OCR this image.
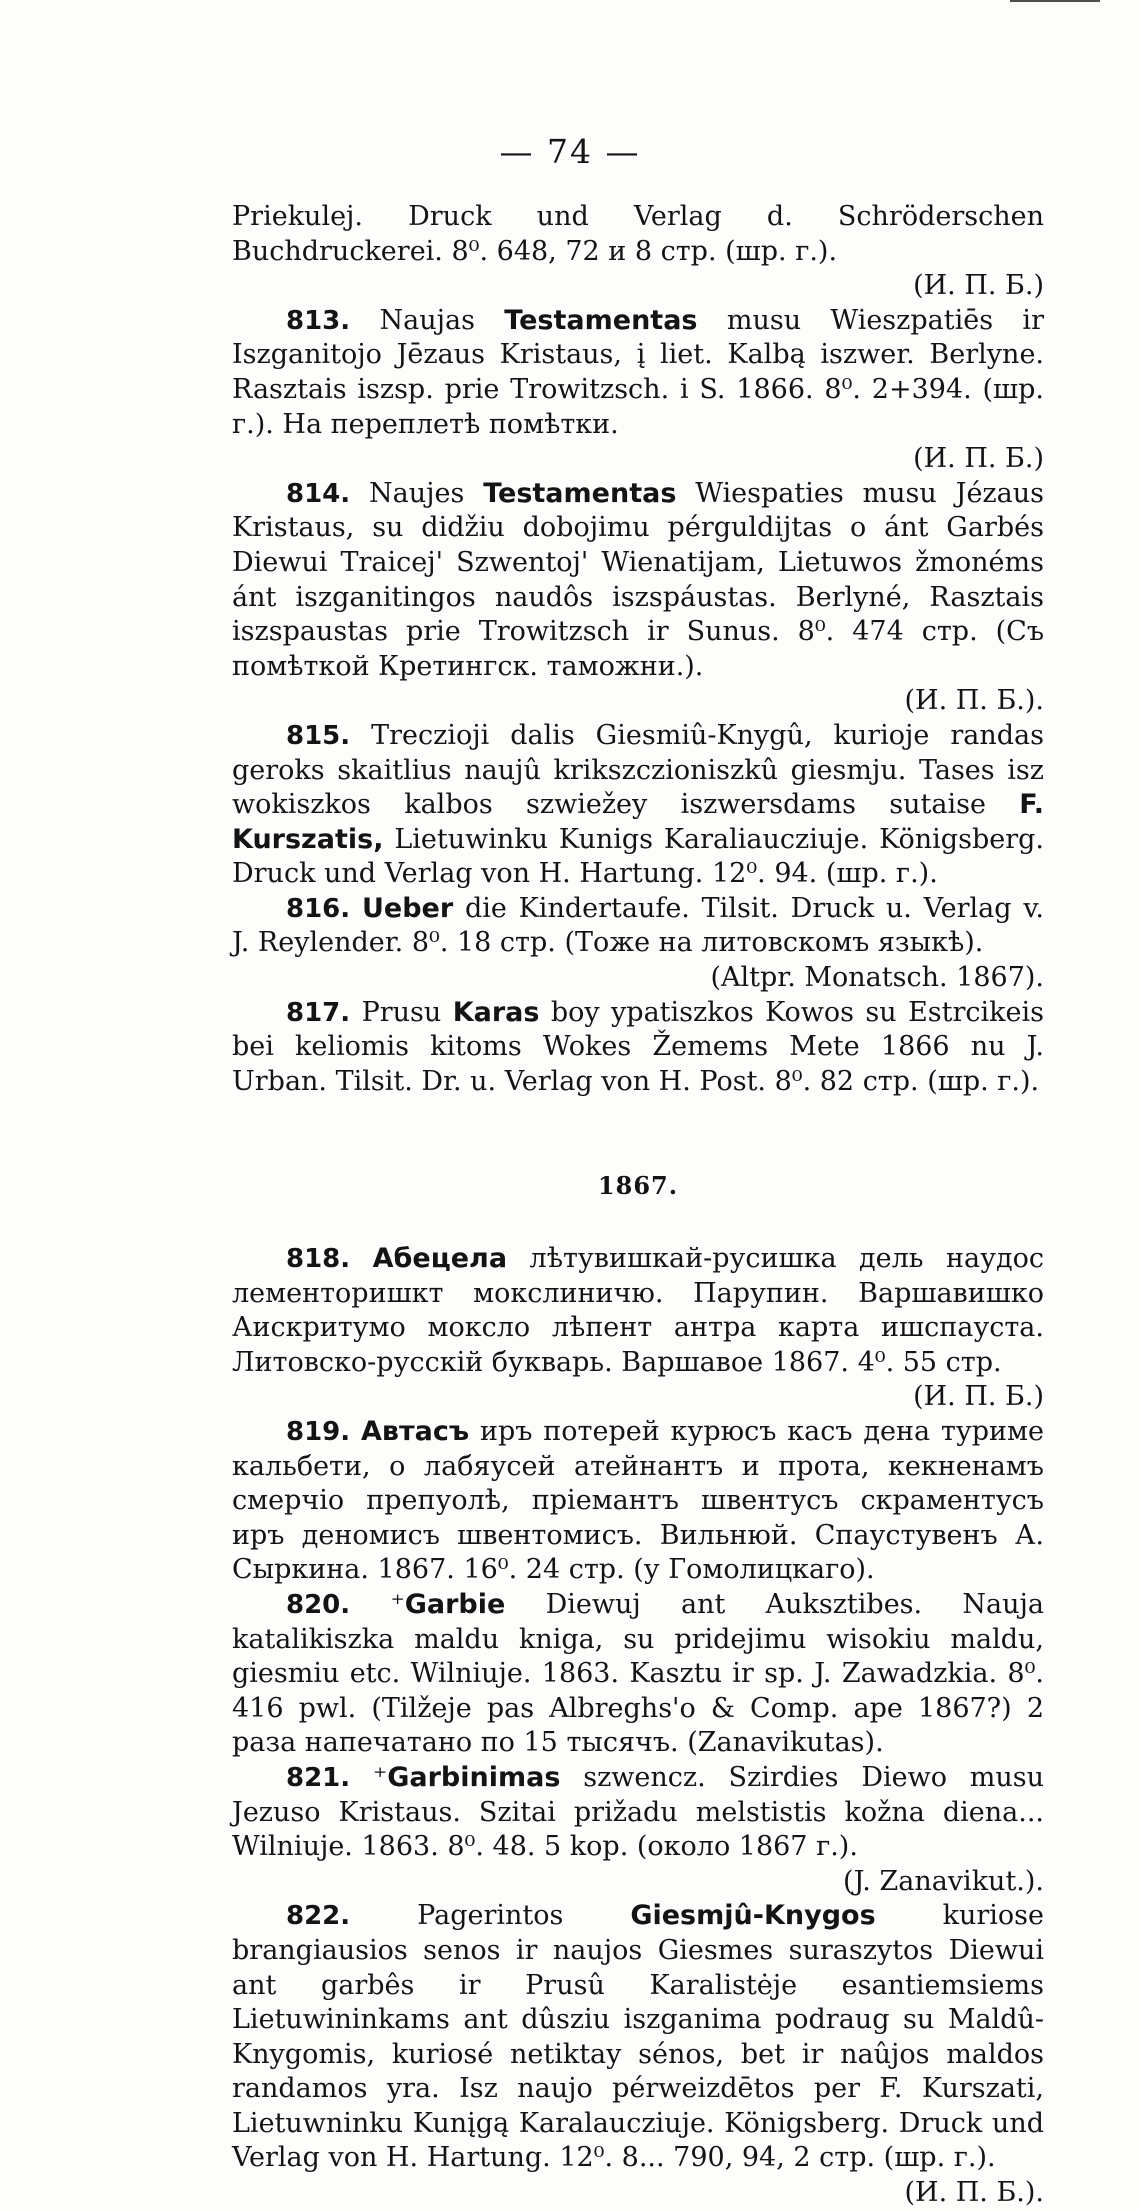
— 74 —

Priekulej. Druck und Verlag d. Schröderschen Buchdruckerei. 8⁰. 648, 72 и 8 стр. (шр. г.).
(И. П. Б.)

813. Naujas Testamentas musu Wieszpatiēs ir Iszganitojo Jēzaus Kristaus, į liet. Kalbą iszwer. Berlyne. Rasztais iszsp. prie Trowitzsch. i S. 1866. 8⁰. 2+394. (шр. г.). На переплетѣ помѣтки.
(И. П. Б.)

814. Naujes Testamentas Wiespaties musu Jézaus Kristaus, su didžiu dobojimu pérguldijtas o ánt Garbés Diewui Traicej' Szwentoj' Wienatijam, Lietuwos žmonéms ánt iszganitingos naudôs iszspáustas. Berlyné, Rasztais iszspaustas prie Trowitzsch ir Sunus. 8⁰. 474 стр. (Съ помѣткой Кретингск. таможни.).
(И. П. Б.).

815. Treczioji dalis Giesmiû-Knygû, kurioje randas geroks skaitlius naujû krikszczioniszkû giesmju. Tases isz wokiszkos kalbos szwiežey iszwersdams sutaise F. Kurszatis, Lietuwinku Kunigs Karaliaucziuje. Königsberg. Druck und Verlag von H. Hartung. 12⁰. 94. (шр. г.).

816. Ueber die Kindertaufe. Tilsit. Druck u. Verlag v. J. Reylender. 8⁰. 18 стр. (Тоже на литовскомъ языкѣ).
(Altpr. Monatsch. 1867).

817. Prusu Karas boy ypatiszkos Kowos su Estrcikeis bei keliomis kitoms Wokes Žemems Mete 1866 nu J. Urban. Tilsit. Dr. u. Verlag von H. Post. 8⁰. 82 стр. (шр. г.).

1867.

818. Абецела лѣтувишкай-русишка дель наудос лементоришкт мокслиничю. Парупин. Варшавишко Аискритумо мокслo лѣпент антра карта ишспауста. Литовско-русскій букварь. Варшавое 1867. 4⁰. 55 стр.
(И. П. Б.)

819. Автасъ иръ потерей курюсъ касъ дена туриме кальбети, о лабяусей атейнантъ и прота, кекненамъ смерчіо препуолѣ, пріемантъ швентусъ скраментусъ иръ деномисъ швентомисъ. Вильнюй. Спаустувенъ А. Сыркина. 1867. 16⁰. 24 стр. (у Гомолицкаго).

820. ⁺Garbie Diewuj ant Auksztibes. Nauja katalikiszka maldu kniga, su pridejimu wisokiu maldu, giesmiu etc. Wilniuje. 1863. Kasztu ir sp. J. Zawadzkia. 8⁰. 416 pwl. (Tilžeje pas Albreghs'o & Comp. ape 1867?) 2 раза напечатано по 15 тысячъ. (Zanavikutas).

821. ⁺Garbinimas szwencz. Szirdies Diewo musu Jezuso Kristaus. Szitai prižadu melstistis kožna diena... Wilniuje. 1863. 8⁰. 48. 5 kop. (около 1867 г.).
(J. Zanavikut.).

822. Pagerintos Giesmjû-Knygos kuriose brangiausios senos ir naujos Giesmes suraszytos Diewui ant garbês ir Prusû Karalistėje esantiemsiems Lietuwininkams ant dûsziu iszganima podraug su Maldû-Knygomis, kuriosé netiktay sénos, bet ir naûjos maldos randamos yra. Isz naujo pérweizdētos per F. Kurszati, Lietuwninku Kunįgą Karalaucziuje. Königsberg. Druck und Verlag von H. Hartung. 12⁰. 8... 790, 94, 2 стр. (шр. г.).
(И. П. Б.).
